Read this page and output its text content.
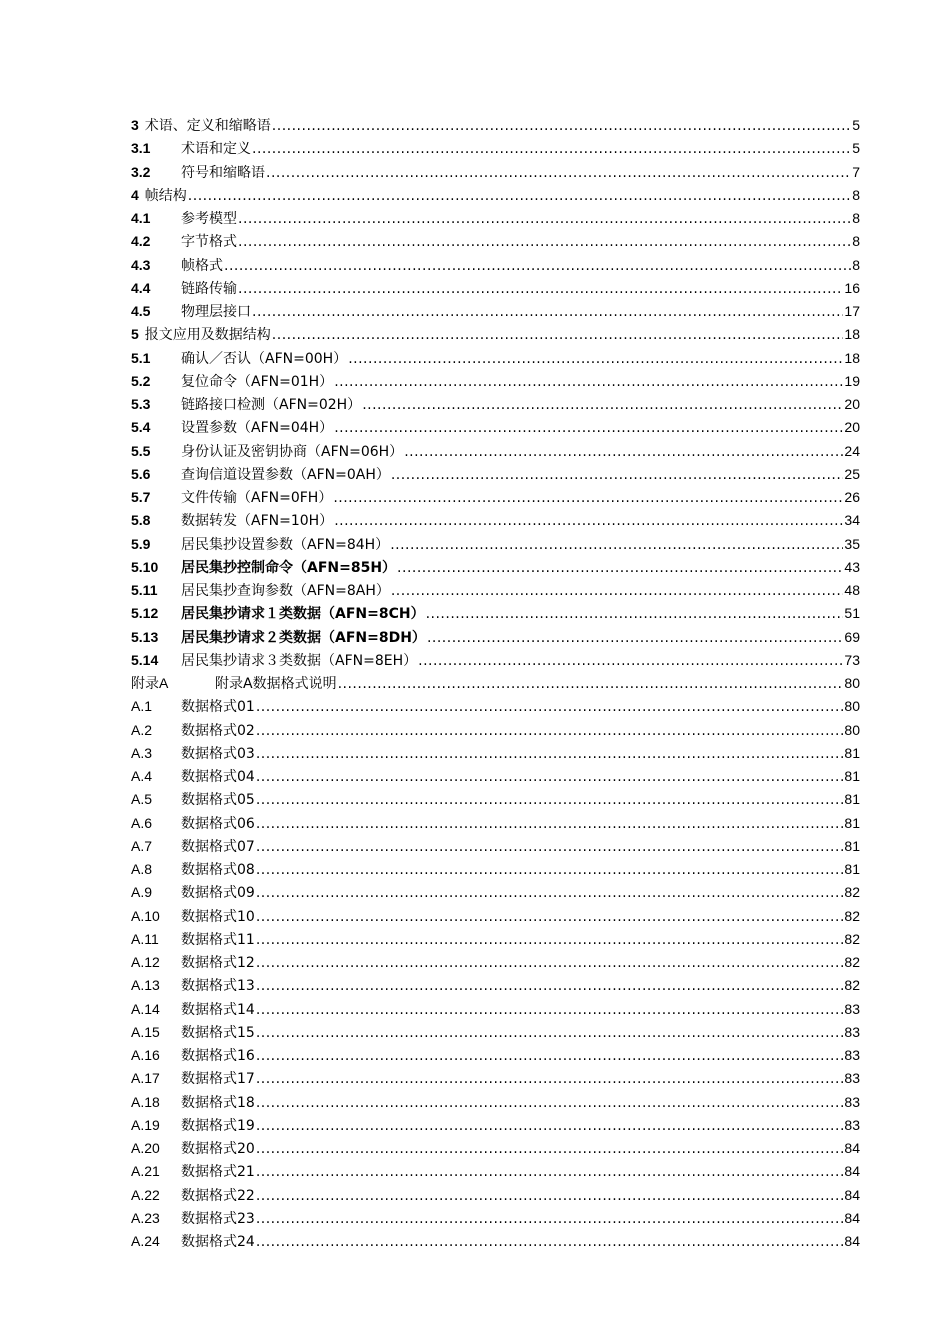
3 术语、定义和缩略语 .....	5
3.1	术语和定义 .....	5
3.2	符号和缩略语 .....	7
4 帧结构 .....	8
4.1	参考模型 .....	8
4.2	字节格式 .....	8
4.3	帧格式 .....	8
4.4	链路传输 .....	16
4.5	物理层接口 .....	17
5 报文应用及数据结构 .....	18
5.1	确认／否认（AFN=00H） .....	18
5.2	复位命令（AFN=01H） .....	19
5.3	链路接口检测（AFN=02H） .....	20
5.4	设置参数（AFN=04H） .....	20
5.5	身份认证及密钥协商（AFN=06H） .....	24
5.6	查询信道设置参数（AFN=0AH） .....	25
5.7	文件传输（AFN=0FH） .....	26
5.8	数据转发（AFN=10H） .....	34
5.9	居民集抄设置参数（AFN=84H） .....	35
5.10	居民集抄控制命令（AFN=85H） .....	43
5.11	居民集抄查询参数（AFN=8AH） .....	48
5.12	居民集抄请求１类数据（AFN=8CH） .....	51
5.13	居民集抄请求２类数据（AFN=8DH） .....	69
5.14	居民集抄请求３类数据（AFN=8EH） .....	73
附录A	附录A数据格式说明 .....	80
A.1	数据格式01 .....	80
A.2	数据格式02 .....	80
A.3	数据格式03 .....	81
A.4	数据格式04 .....	81
A.5	数据格式05 .....	81
A.6	数据格式06 .....	81
A.7	数据格式07 .....	81
A.8	数据格式08 .....	81
A.9	数据格式09 .....	82
A.10	数据格式10 .....	82
A.11	数据格式11 .....	82
A.12	数据格式12 .....	82
A.13	数据格式13 .....	82
A.14	数据格式14 .....	83
A.15	数据格式15 .....	83
A.16	数据格式16 .....	83
A.17	数据格式17 .....	83
A.18	数据格式18 .....	83
A.19	数据格式19 .....	83
A.20	数据格式20 .....	84
A.21	数据格式21 .....	84
A.22	数据格式22 .....	84
A.23	数据格式23 .....	84
A.24	数据格式24 .....	84
